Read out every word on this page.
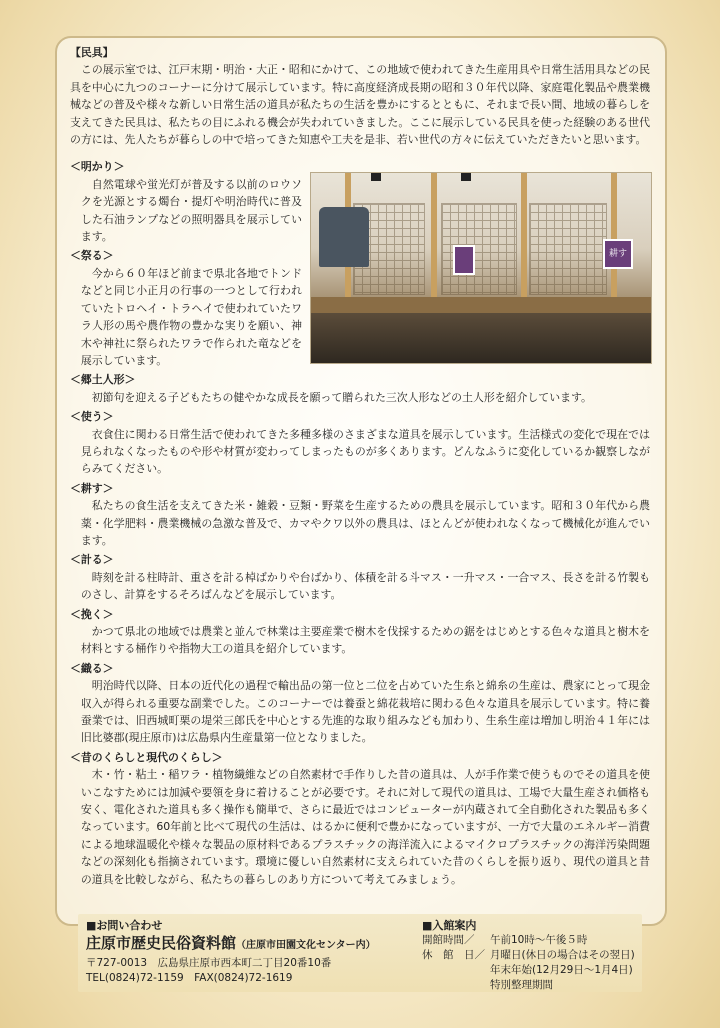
【民具】

この展示室では、江戸末期・明治・大正・昭和にかけて、この地域で使われてきた生産用具や日常生活用具などの民具を中心に九つのコーナーに分けて展示しています。特に高度経済成長期の昭和３０年代以降、家庭電化製品や農業機械などの普及や様々な新しい日常生活の道具が私たちの生活を豊かにするとともに、それまで長い間、地域の暮らしを支えてきた民具は、私たちの目にふれる機会が失われていきました。ここに展示している民具を使った経験のある世代の方には、先人たちが暮らしの中で培ってきた知恵や工夫を是非、若い世代の方々に伝えていただきたいと思います。

＜明かり＞

自然電球や蛍光灯が普及する以前のロウソクを光源とする燭台・提灯や明治時代に普及した石油ランプなどの照明器具を展示しています。

＜祭る＞

今から６０年ほど前まで県北各地でトンドなどと同じ小正月の行事の一つとして行われていたトロヘイ・トラヘイで使われていたワラ人形の馬や農作物の豊かな実りを願い、神木や神社に祭られたワラで作られた竜などを展示しています。

耕す
＜郷土人形＞

初節句を迎える子どもたちの健やかな成長を願って贈られた三次人形などの土人形を紹介しています。

＜使う＞

衣食住に関わる日常生活で使われてきた多種多様のさまざまな道具を展示しています。生活様式の変化で現在では見られなくなったものや形や材質が変わってしまったものが多くあります。どんなふうに変化しているか観察しながらみてください。

＜耕す＞

私たちの食生活を支えてきた米・雑穀・豆類・野菜を生産するための農具を展示しています。昭和３０年代から農薬・化学肥料・農業機械の急激な普及で、カマやクワ以外の農具は、ほとんどが使われなくなって機械化が進んでいます。

＜計る＞

時刻を計る柱時計、重さを計る棹ばかりや台ばかり、体積を計る斗マス・一升マス・一合マス、長さを計る竹製ものさし、計算をするそろばんなどを展示しています。

＜挽く＞

かつて県北の地域では農業と並んで林業は主要産業で樹木を伐採するための鋸をはじめとする色々な道具と樹木を材料とする桶作りや指物大工の道具を紹介しています。

＜織る＞

明治時代以降、日本の近代化の過程で輸出品の第一位と二位を占めていた生糸と綿糸の生産は、農家にとって現金収入が得られる重要な副業でした。このコーナーでは養蚕と綿花栽培に関わる色々な道具を展示しています。特に養蚕業では、旧西城町栗の堤栄三郎氏を中心とする先進的な取り組みなども加わり、生糸生産は増加し明治４１年には旧比婆郡(現庄原市)は広島県内生産量第一位となりました。

＜昔のくらしと現代のくらし＞

木・竹・粘土・稲ワラ・植物繊維などの自然素材で手作りした昔の道具は、人が手作業で使うものでその道具を使いこなすためには加減や要領を身に着けることが必要です。それに対して現代の道具は、工場で大量生産され価格も安く、電化された道具も多く操作も簡単で、さらに最近ではコンピューターが内蔵されて全自動化された製品も多くなっています。60年前と比べて現代の生活は、はるかに便利で豊かになっていますが、一方で大量のエネルギー消費による地球温暖化や様々な製品の原材料であるプラスチックの海洋流入によるマイクロプラスチックの海洋汚染問題などの深刻化も指摘されています。環境に優しい自然素材に支えられていた昔のくらしを振り返り、現代の道具と昔の道具を比較しながら、私たちの暮らしのあり方について考えてみましょう。

■お問い合わせ
庄原市歴史民俗資料館（庄原市田園文化センター内）
〒727-0013　広島県庄原市西本町二丁目20番10番
TEL(0824)72-1159　FAX(0824)72-1619
■入館案内
開館時間／	午前10時〜午後５時
休　館　日／ 月曜日(休日の場合はその翌日)
年末年始(12月29日〜1月4日)
特別整理期間
